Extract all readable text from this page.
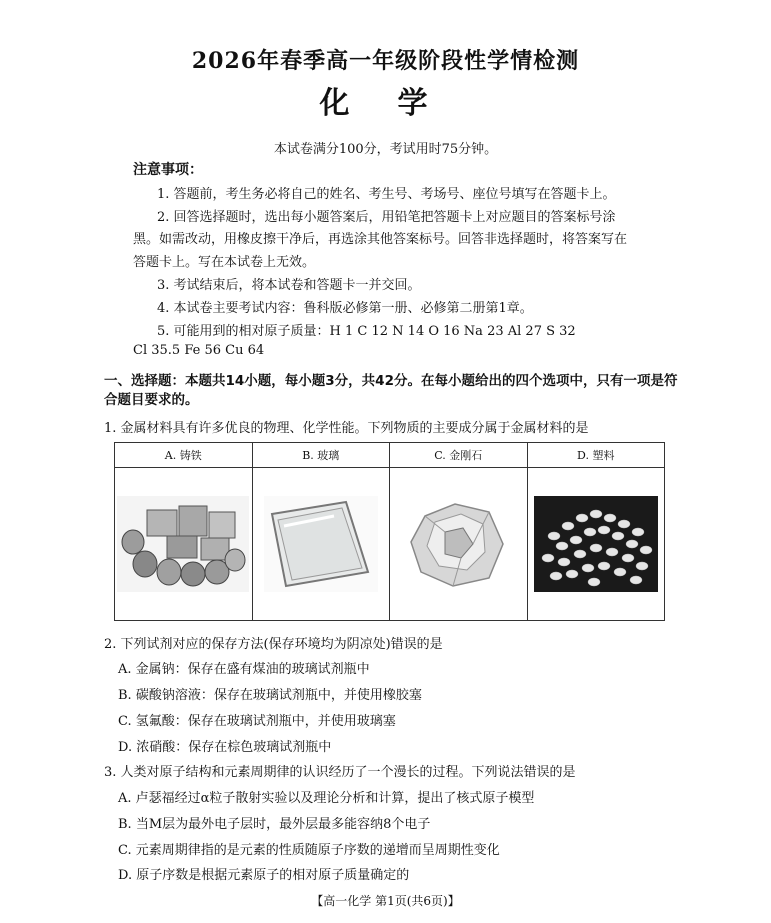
2026年春季高一年级阶段性学情检测
化学
本试卷满分100分，考试用时75分钟。
注意事项：
1. 答题前，考生务必将自己的姓名、考生号、考场号、座位号填写在答题卡上。
2. 回答选择题时，选出每小题答案后，用铅笔把答题卡上对应题目的答案标号涂
黑。如需改动，用橡皮擦干净后，再选涂其他答案标号。回答非选择题时，将答案写在
答题卡上。写在本试卷上无效。
3. 考试结束后，将本试卷和答题卡一并交回。
4. 本试卷主要考试内容：鲁科版必修第一册、必修第二册第1章。
5. 可能用到的相对原子质量：H 1 C 12 N 14 O 16 Na 23 Al 27 S 32
Cl 35.5 Fe 56 Cu 64
一、选择题：本题共14小题，每小题3分，共42分。在每小题给出的四个选项中，只有一项是符合题目要求的。
1. 金属材料具有许多优良的物理、化学性能。下列物质的主要成分属于金属材料的是
A. 铸铁	B. 玻璃	C. 金刚石	D. 塑料

2. 下列试剂对应的保存方法(保存环境均为阴凉处)错误的是
A. 金属钠：保存在盛有煤油的玻璃试剂瓶中
B. 碳酸钠溶液：保存在玻璃试剂瓶中，并使用橡胶塞
C. 氢氟酸：保存在玻璃试剂瓶中，并使用玻璃塞
D. 浓硝酸：保存在棕色玻璃试剂瓶中
3. 人类对原子结构和元素周期律的认识经历了一个漫长的过程。下列说法错误的是
A. 卢瑟福经过α粒子散射实验以及理论分析和计算，提出了核式原子模型
B. 当M层为最外电子层时，最外层最多能容纳8个电子
C. 元素周期律指的是元素的性质随原子序数的递增而呈周期性变化
D. 原子序数是根据元素原子的相对原子质量确定的
【高一化学 第1页(共6页)】
